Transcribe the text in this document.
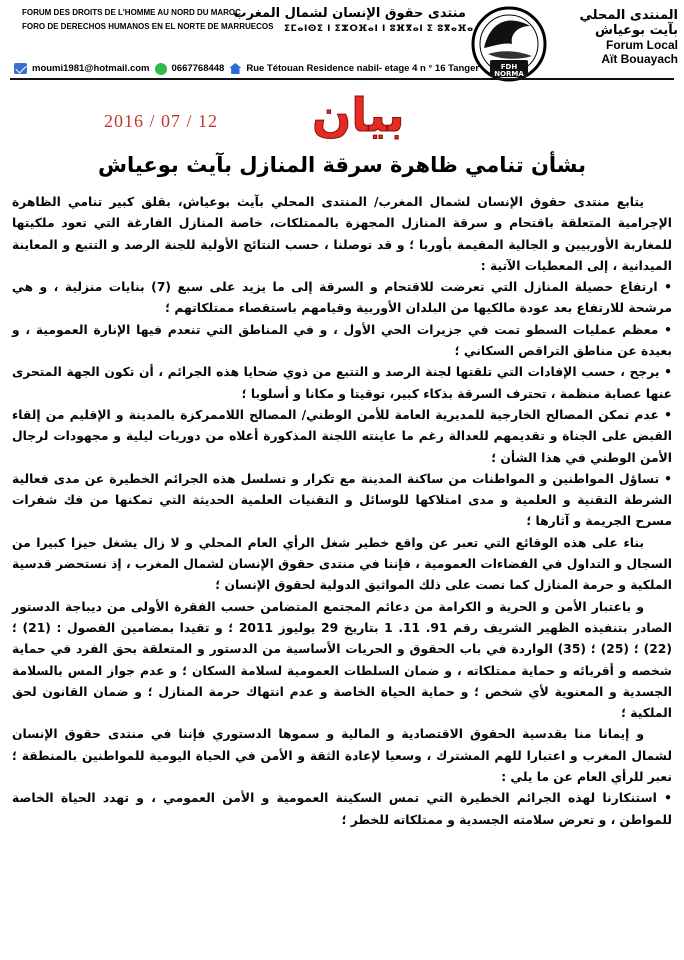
FORUM DES DROITS DE L'HOMME AU NORD DU MAROC
FORO DE DERECHOS HUMANOS EN EL NORTE DE MARRUECOS
منتدى حقوق الإنسان لشمال المغرب
ⵉⵎⴰⵏⵙⵉ ⵏ ⵉⵣⵔⴼⴰⵏ ⵏ ⵓⴼⴳⴰⵏ ⵉ ⵓⴳⴰⴼⴰ
FDH
NORMA
المنتدى المحلي
بآيت بوعياش
Forum Local
Aït Bouayach
moumi1981@hotmail.com 0667768448 Rue Tétouan Residence nabil- etage 4 n ° 16 Tanger
2016 / 07 / 12 بيان
بشأن تنامي ظاهرة سرقة المنازل بآيث بوعياش

يتابع منتدى حقوق الإنسان لشمال المغرب/ المنتدى المحلي بآيث بوعياش، بقلق كبير تنامي الظاهرة الإجرامية المتعلقة باقتحام و سرقة المنازل المجهزة بالممتلكات، خاصة المنازل الفارغة التي تعود ملكيتها للمغاربة الأوربيين و الجالية المقيمة بأوربا ؛ و قد توصلنا ، حسب النتائج الأولية للجنة الرصد و التتبع و المعاينة الميدانية ، إلى المعطيات الآتية :

• ارتفاع حصيلة المنازل التي تعرضت للاقتحام و السرقة إلى ما يزيد على سبع (7) بنايات منزلية ، و هي مرشحة للارتفاع بعد عودة مالكيها من البلدان الأوربية وقيامهم باستقصاء ممتلكاتهم ؛

• معظم عمليات السطو تمت في جزيرات الحي الأول ، و في المناطق التي تنعدم فيها الإنارة العمومية ، و بعيدة عن مناطق التراقص السكاني ؛

• يرجح ، حسب الإفادات التي تلقتها لجنة الرصد و التتبع من ذوي ضحايا هذه الجرائم ، أن تكون الجهة المتحرى عنها عصابة منظمة ، تحترف السرقة بذكاء كبير، توقيتا و مكانا و أسلوبا ؛

• عدم تمكن المصالح الخارجية للمديرية العامة للأمن الوطني/ المصالح اللاممركزة بالمدينة و الإقليم من إلقاء القبض على الجناة و تقديمهم للعدالة رغم ما عاينته اللجنة المذكورة أعلاه من دوريات ليلية و مجهودات لرجال الأمن الوطني في هذا الشأن ؛

• تساؤل المواطنين و المواطنات من ساكنة المدينة مع تكرار و تسلسل هذه الجرائم الخطيرة عن مدى فعالية الشرطة التقنية و العلمية و مدى امتلاكها للوسائل و التقنيات العلمية الحديثة التي تمكنها من فك شفرات مسرح الجريمة و آثارها ؛

بناء على هذه الوقائع التي تعبر عن واقع خطير شغل الرأي العام المحلي و لا زال يشغل حيزا كبيرا من السجال و التداول في الفضاءات العمومية ، فإننا في منتدى حقوق الإنسان لشمال المغرب ، إذ نستحضر قدسية الملكية و حرمة المنازل كما نصت على ذلك المواثيق الدولية لحقوق الإنسان ؛

و باعتبار الأمن و الحرية و الكرامة من دعائم المجتمع المتضامن حسب الفقرة الأولى من ديباجة الدستور الصادر بتنفيذه الظهير الشريف رقم 91. 11. 1 بتاريخ 29 يوليوز 2011 ؛ و تقيدا بمضامين الفصول : (21) ؛ (22) ؛ (25) ؛ (35) الواردة في باب الحقوق و الحريات الأساسية من الدستور و المتعلقة بحق الفرد في حماية شخصه و أقربائه و حماية ممتلكاته ، و ضمان السلطات العمومية لسلامة السكان ؛ و عدم جواز المس بالسلامة الجسدية و المعنوية لأي شخص ؛ و حماية الحياة الخاصة و عدم انتهاك حرمة المنازل ؛ و ضمان القانون لحق الملكية ؛

و إيمانا منا بقدسية الحقوق الاقتصادية و المالية و سموها الدستوري فإننا في منتدى حقوق الإنسان لشمال المغرب و اعتبارا للهم المشترك ، وسعيا لإعادة الثقة و الأمن في الحياة اليومية للمواطنين بالمنطقة ؛ نعبر للرأي العام عن ما يلي :

• استنكارنا لهذه الجرائم الخطيرة التي تمس السكينة العمومية و الأمن العمومي ، و تهدد الحياة الخاصة للمواطن ، و تعرض سلامته الجسدية و ممتلكاته للخطر ؛
